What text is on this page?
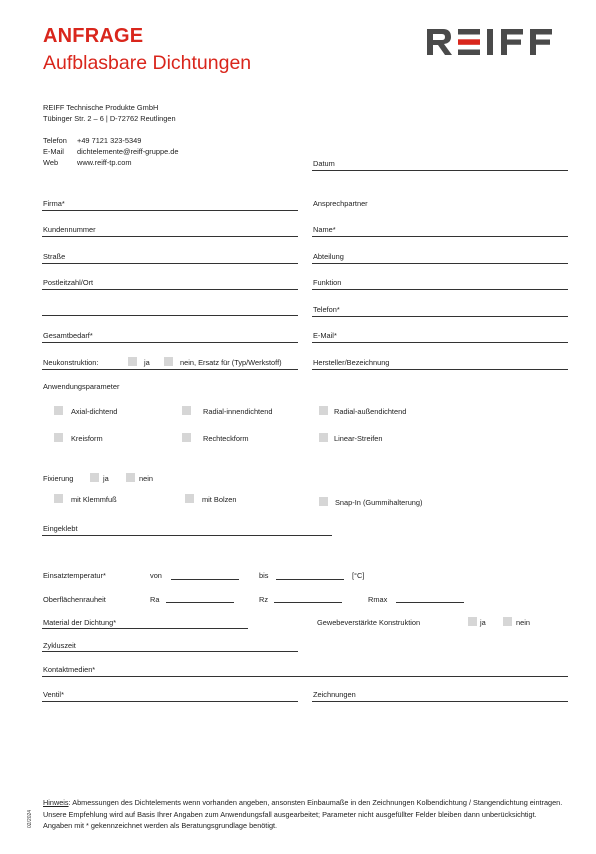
ANFRAGE
Aufblasbare Dichtungen
REIFF Technische Produkte GmbH
Tübinger Str. 2 – 6 | D-72762 Reutlingen
Telefon +49 7121 323-5349
E-Mail dichtelemente@reiff-gruppe.de
Web	www.reiff-tp.com	Datum
Firma*	Ansprechpartner
Kundennummer	Name*
Straße	Abteilung
Postleitzahl/Ort	Funktion
Telefon*
Gesamtbedarf*	E-Mail*
Neukonstruktion:	ja	nein, Ersatz für (Typ/Werkstoff)	Hersteller/Bezeichnung
Anwendungsparameter
Axial-dichtend	Radial-innendichtend	Radial-außendichtend
Kreisform	Rechteckform	Linear-Streifen
Fixierung	ja	nein
mit Klemmfuß	mit Bolzen	Snap-In (Gummihalterung)
Eingeklebt
Einsatztemperatur*	von	bis	[°C]
Oberflächenrauheit	Ra	Rz	Rmax
Material der Dichtung*	Gewebeverstärkte Konstruktion	ja	nein
Zykluszeit
Kontaktmedien*
Ventil*	Zeichnungen
Hinweis: Abmessungen des Dichtelements wenn vorhanden angeben, ansonsten Einbaumaße in den Zeichnungen Kolbendichtung / Stangendichtung eintragen. Unsere Empfehlung wird auf Basis Ihrer Angaben zum Anwendungsfall ausgearbeitet; Parameter nicht ausgefüllter Felder bleiben dann unberücksichtigt. Angaben mit * gekennzeichnet werden als Beratungsgrundlage benötigt.
02/2024
